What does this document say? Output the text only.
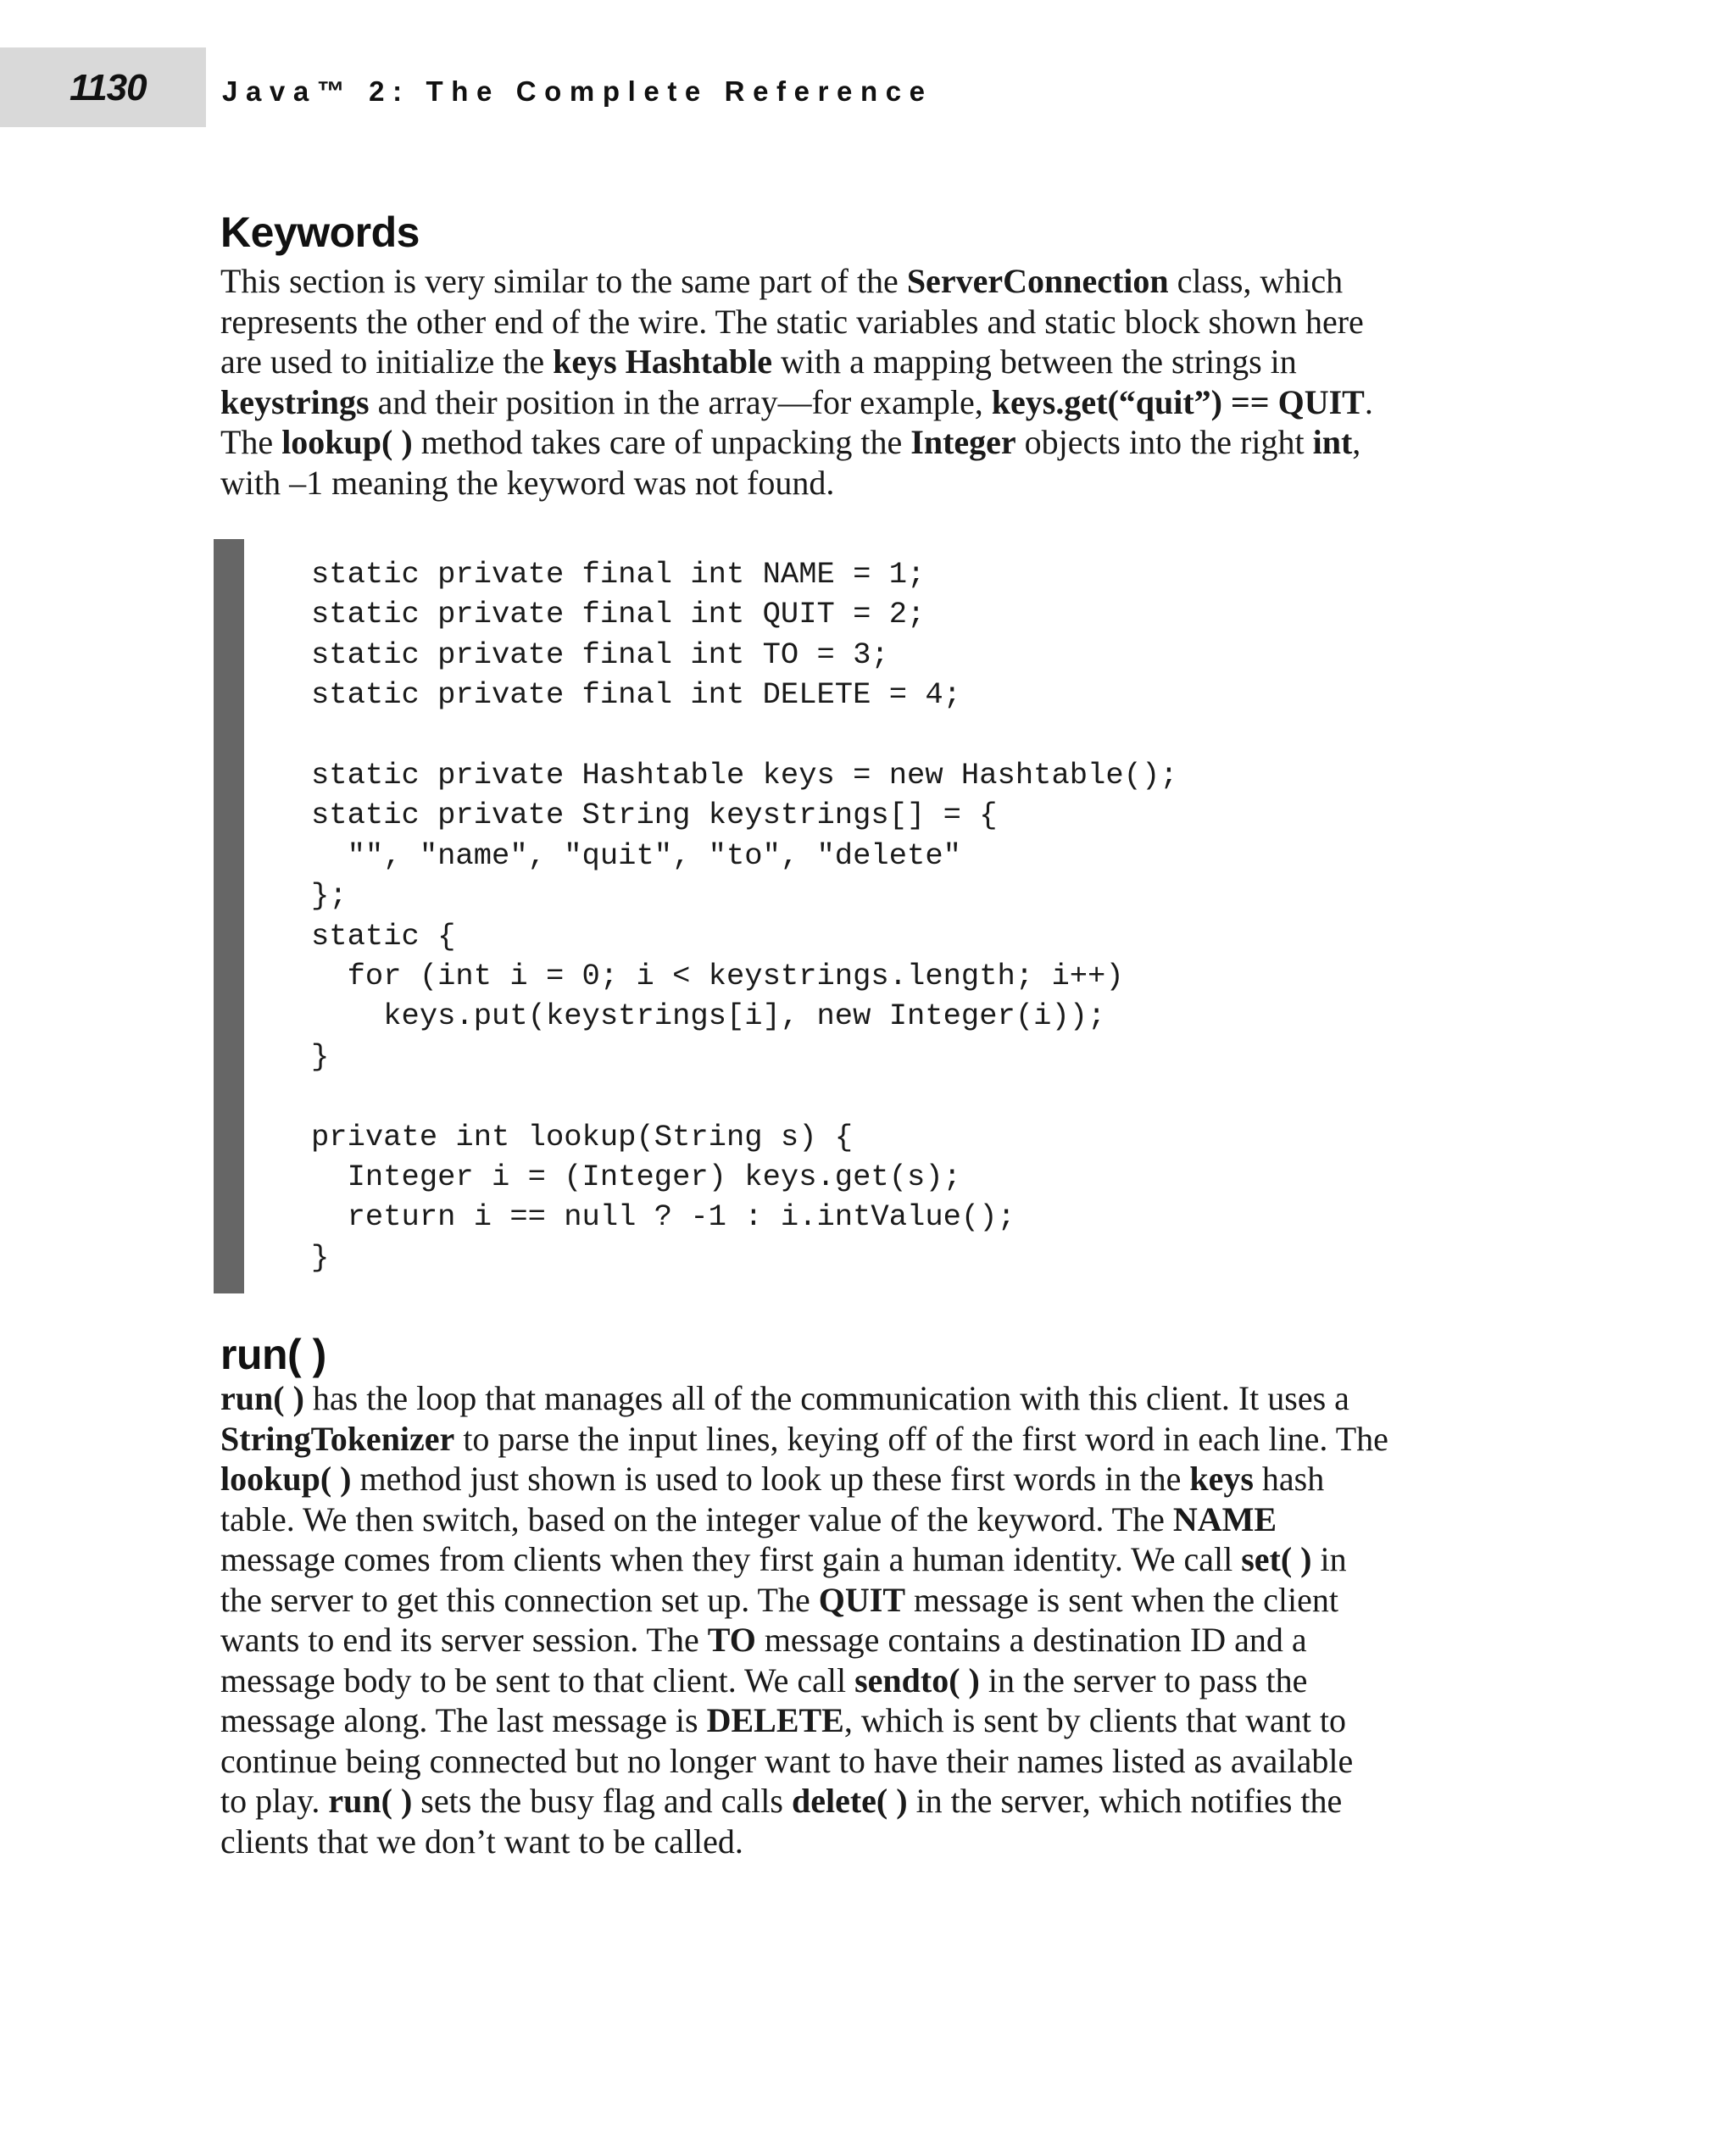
1130	Java™ 2: The Complete Reference
Keywords

This section is very similar to the same part of the ServerConnection class, which
represents the other end of the wire. The static variables and static block shown here
are used to initialize the keys Hashtable with a mapping between the strings in
keystrings and their position in the array—for example, keys.get(“quit”) == QUIT.
The lookup( ) method takes care of unpacking the Integer objects into the right int,
with –1 meaning the keyword was not found.

static private final int NAME = 1;
static private final int QUIT = 2;
static private final int TO = 3;
static private final int DELETE = 4;
static private Hashtable keys = new Hashtable();
static private String keystrings[] = {
"", "name", "quit", "to", "delete"
};
static {
for (int i = 0; i < keystrings.length; i++)
keys.put(keystrings[i], new Integer(i));
}
private int lookup(String s) {
Integer i = (Integer) keys.get(s);
return i == null ? -1 : i.intValue();
}
run( )

run( ) has the loop that manages all of the communication with this client. It uses a
StringTokenizer to parse the input lines, keying off of the first word in each line. The
lookup( ) method just shown is used to look up these first words in the keys hash
table. We then switch, based on the integer value of the keyword. The NAME
message comes from clients when they first gain a human identity. We call set( ) in
the server to get this connection set up. The QUIT message is sent when the client
wants to end its server session. The TO message contains a destination ID and a
message body to be sent to that client. We call sendto( ) in the server to pass the
message along. The last message is DELETE, which is sent by clients that want to
continue being connected but no longer want to have their names listed as available
to play. run( ) sets the busy flag and calls delete( ) in the server, which notifies the
clients that we don’t want to be called.
